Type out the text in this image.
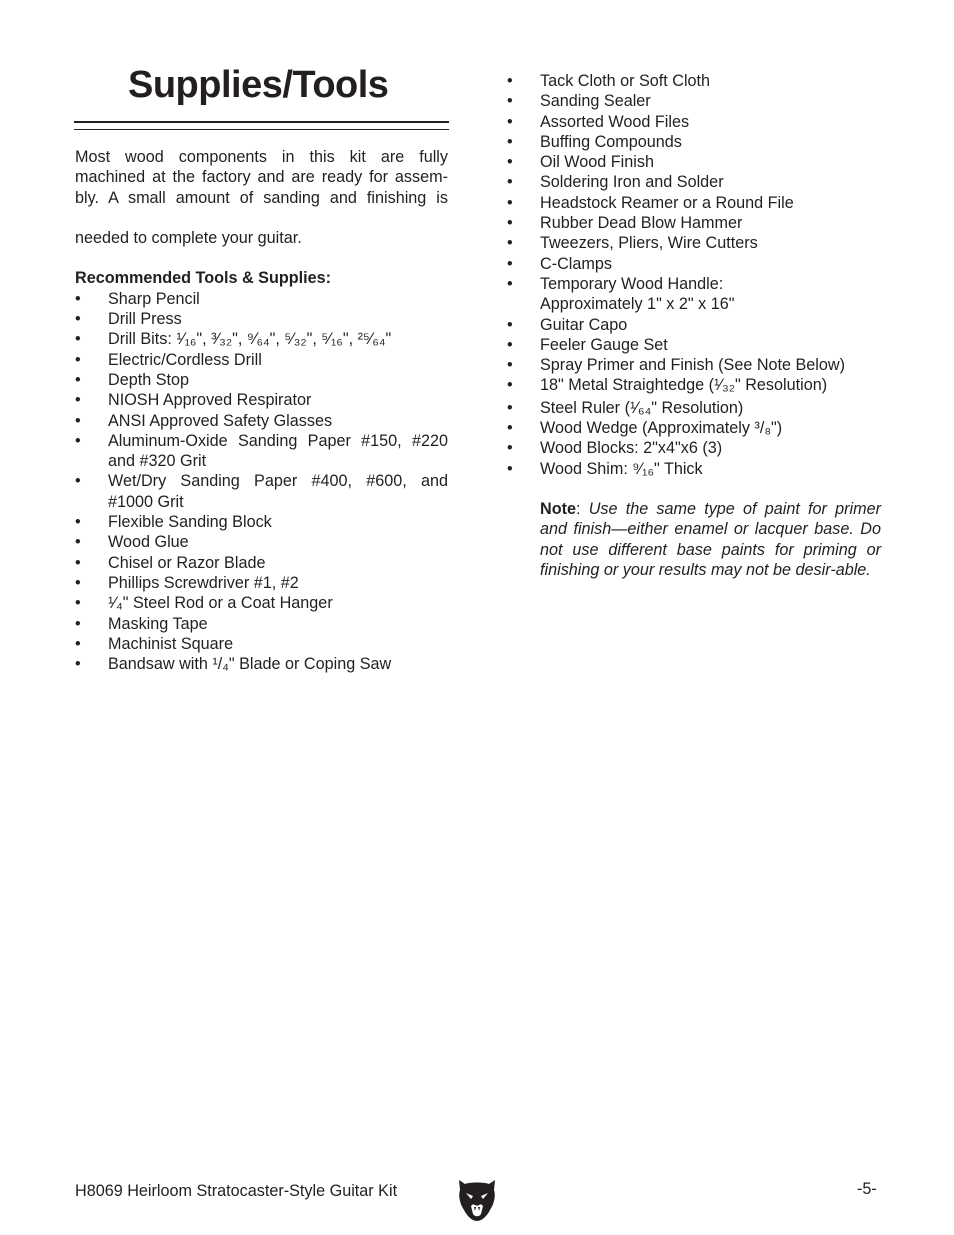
Supplies/Tools

Most wood components in this kit are fully machined at the factory and are ready for assem-bly. A small amount of sanding and finishing is

needed to complete your guitar.

Recommended Tools & Supplies:

• Sharp Pencil
• Drill Press
• Drill Bits: ¹⁄₁₆", ³⁄₃₂", ⁹⁄₆₄", ⁵⁄₃₂", ⁵⁄₁₆", ²⁵⁄₆₄"
• Electric/Cordless Drill
• Depth Stop
• NIOSH Approved Respirator
• ANSI Approved Safety Glasses
• Aluminum-Oxide Sanding Paper #150, #220 and #320 Grit
• Wet/Dry Sanding Paper #400, #600, and #1000 Grit
• Flexible Sanding Block
• Wood Glue
• Chisel or Razor Blade
• Phillips Screwdriver #1, #2
• ¹⁄₄" Steel Rod or a Coat Hanger
• Masking Tape
• Machinist Square
• Bandsaw with ¹/₄" Blade or Coping Saw
• Tack Cloth or Soft Cloth
• Sanding Sealer
• Assorted Wood Files
• Buffing Compounds
• Oil Wood Finish
• Soldering Iron and Solder
• Headstock Reamer or a Round File
• Rubber Dead Blow Hammer
• Tweezers, Pliers, Wire Cutters
• C-Clamps
• Temporary Wood Handle:
Approximately 1" x 2" x 16"
• Guitar Capo
• Feeler Gauge Set
• Spray Primer and Finish (See Note Below)
• 18" Metal Straightedge (¹⁄₃₂" Resolution)
• Steel Ruler (¹⁄₆₄" Resolution)
• Wood Wedge (Approximately ³/₈")
• Wood Blocks: 2"x4"x6 (3)
• Wood Shim: ⁹⁄₁₆" Thick

Note: Use the same type of paint for primer and finish—either enamel or lacquer base. Do not use different base paints for priming or finishing or your results may not be desir-able.

H8069 Heirloom Stratocaster-Style Guitar Kit	-5-
